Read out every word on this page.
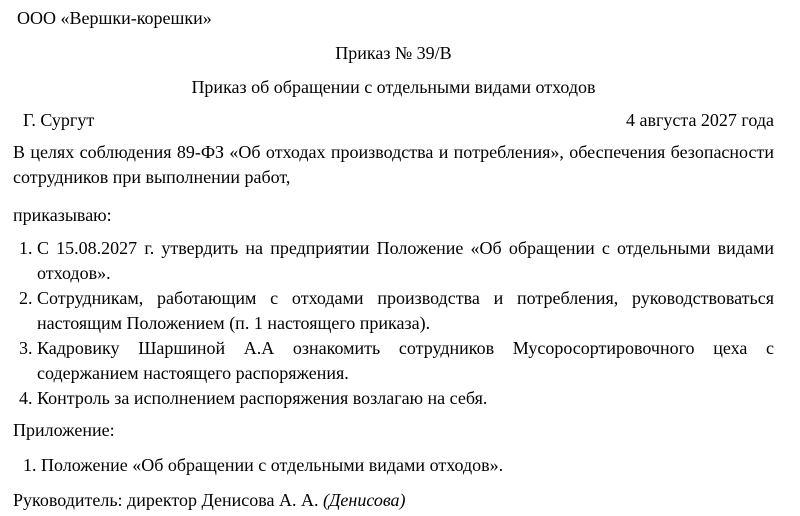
ООО «Вершки-корешки»

Приказ № 39/В

Приказ об обращении с отдельными видами отходов

Г. Сургут	4 августа 2027 года

В целях соблюдения 89-ФЗ «Об отходах производства и потребления», обеспечения безопасности сотрудников при выполнении работ,

приказываю:

1. С 15.08.2027 г. утвердить на предприятии Положение «Об обращении с отдельными видами отходов».
2. Сотрудникам, работающим с отходами производства и потребления, руководствоваться настоящим Положением (п. 1 настоящего приказа).
3. Кадровику Шаршиной А.А ознакомить сотрудников Мусоросортировочного цеха с содержанием настоящего распоряжения.
4. Контроль за исполнением распоряжения возлагаю на себя.

Приложение:

1. Положение «Об обращении с отдельными видами отходов».

Руководитель: директор Денисова А. А. (Денисова)
